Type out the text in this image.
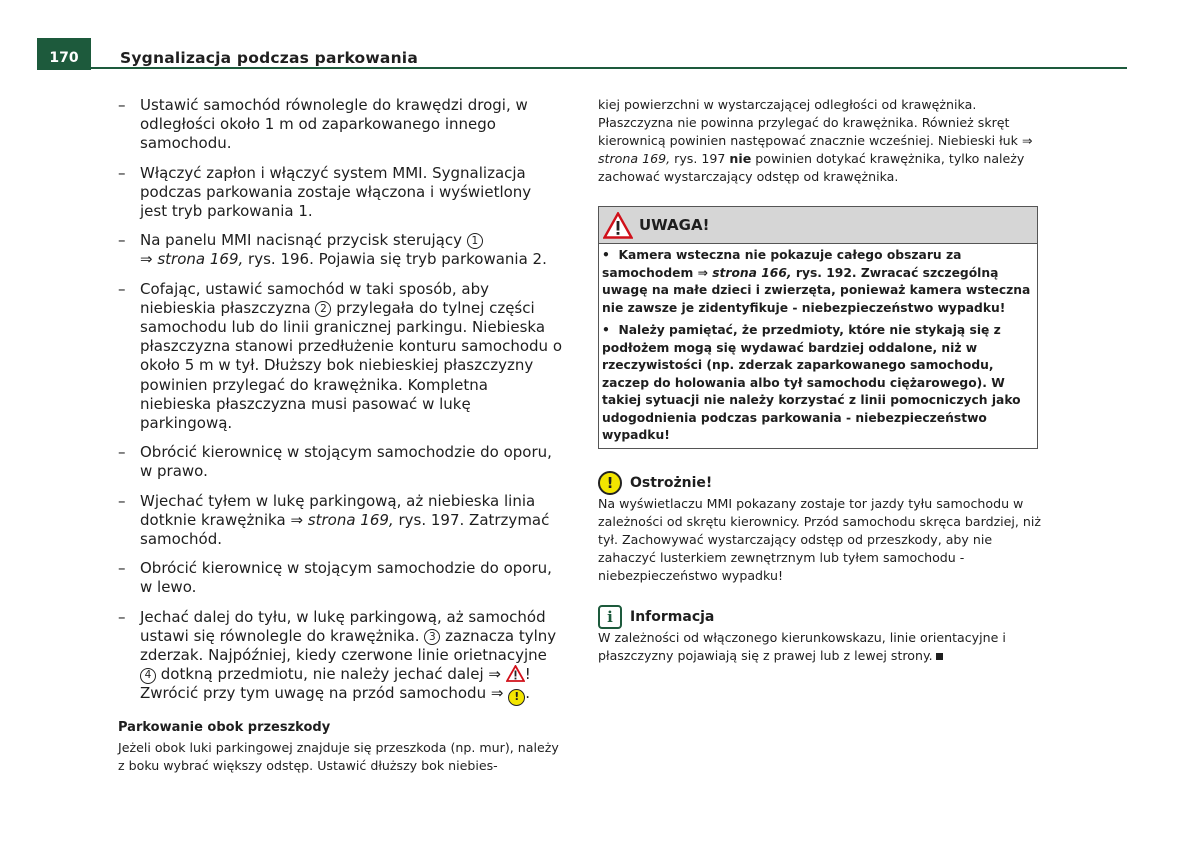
170	Sygnalizacja podczas parkowania
– Ustawić samochód równolegle do krawędzi drogi, w odległości około 1 m od zaparkowanego innego samochodu.
– Włączyć zapłon i włączyć system MMI. Sygnalizacja podczas parkowania zostaje włączona i wyświetlony jest tryb parkowania 1.
– Na panelu MMI nacisnąć przycisk sterujący 1
⇒ strona 169, rys. 196. Pojawia się tryb parkowania 2.
– Cofając, ustawić samochód w taki sposób, aby niebieskia płaszczyzna 2 przylegała do tylnej części samochodu lub do linii granicznej parkingu. Niebieska płaszczyzna stanowi przedłużenie konturu samochodu o około 5 m w tył. Dłuższy bok niebieskiej płaszczyzny powinien przylegać do krawężnika. Kompletna niebieska płaszczyzna musi pasować w lukę parkingową.
– Obrócić kierownicę w stojącym samochodzie do oporu, w prawo.
– Wjechać tyłem w lukę parkingową, aż niebieska linia dotknie krawężnika ⇒ strona 169, rys. 197. Zatrzymać samochód.
– Obrócić kierownicę w stojącym samochodzie do oporu, w lewo.
– Jechać dalej do tyłu, w lukę parkingową, aż samochód ustawi się równolegle do krawężnika. 3 zaznacza tylny zderzak. Najpóźniej, kiedy czerwone linie orietnacyjne 4 dotkną przedmiotu, nie należy jechać dalej ⇒ !
Zwrócić przy tym uwagę na przód samochodu ⇒ ! .
Parkowanie obok przeszkody
Jeżeli obok luki parkingowej znajduje się przeszkoda (np. mur), należy z boku wybrać większy odstęp. Ustawić dłuższy bok niebies-
kiej powierzchni w wystarczającej odległości od krawężnika. Płaszczyzna nie powinna przylegać do krawężnika. Również skręt kierownicą powinien następować znacznie wcześniej. Niebieski łuk ⇒ strona 169, rys. 197 nie powinien dotykać krawężnika, tylko należy zachować wystarczający odstęp od krawężnika.
UWAGA!

• Kamera wsteczna nie pokazuje całego obszaru za samochodem ⇒ strona 166, rys. 192. Zwracać szczególną uwagę na małe dzieci i zwierzęta, ponieważ kamera wsteczna nie zawsze je zidentyfikuje - niebezpieczeństwo wypadku!

• Należy pamiętać, że przedmioty, które nie stykają się z podłożem mogą się wydawać bardziej oddalone, niż w rzeczywistości (np. zderzak zaparkowanego samochodu, zaczep do holowania albo tył samochodu ciężarowego). W takiej sytuacji nie należy korzystać z linii pomocniczych jako udogodnienia podczas parkowania - niebezpieczeństwo wypadku!

!	Ostrożnie!
Na wyświetlaczu MMI pokazany zostaje tor jazdy tyłu samochodu w zależności od skrętu kierownicy. Przód samochodu skręca bardziej, niż tył. Zachowywać wystarczający odstęp od przeszkody, aby nie zahaczyć lusterkiem zewnętrznym lub tyłem samochodu - niebezpieczeństwo wypadku!
i	Informacja
W zależności od włączonego kierunkowskazu, linie orientacyjne i płaszczyzny pojawiają się z prawej lub z lewej strony.
